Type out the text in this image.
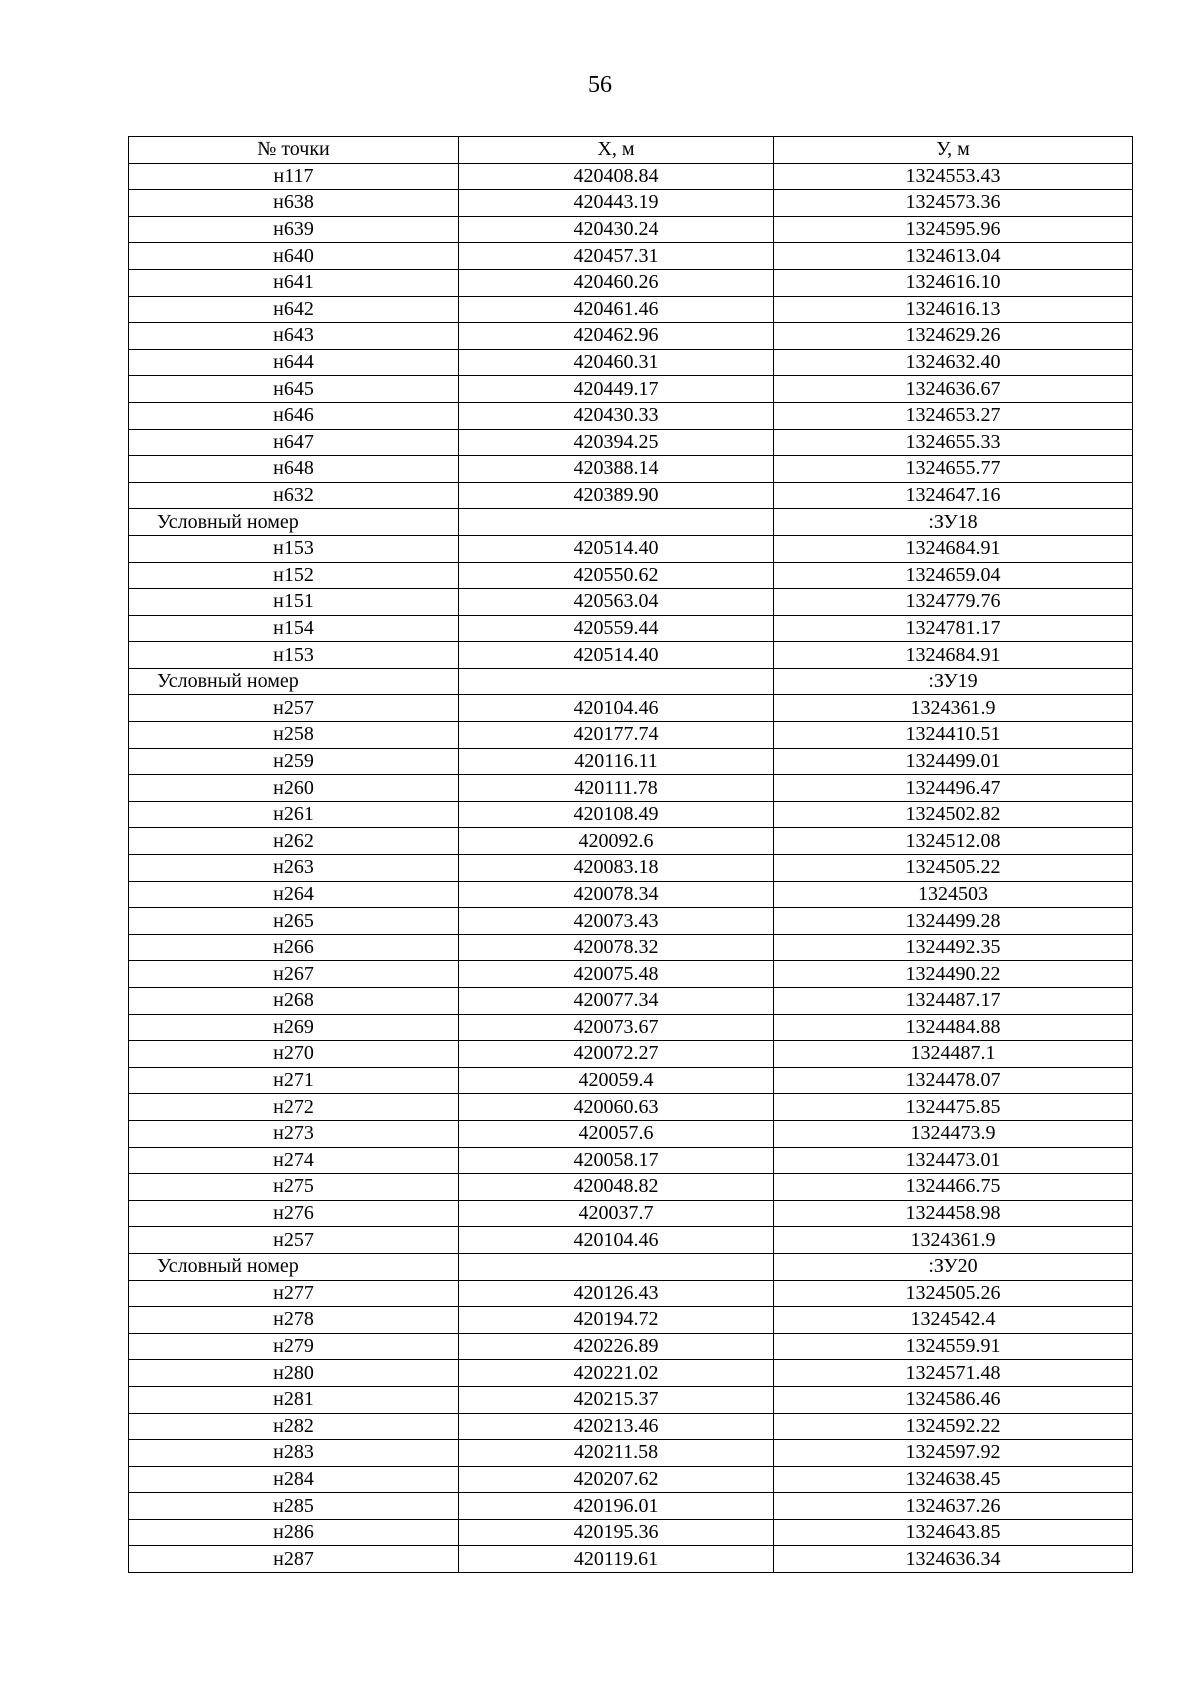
56
№ точки	Х, м	У, м
н117	420408.84	1324553.43
н638	420443.19	1324573.36
н639	420430.24	1324595.96
н640	420457.31	1324613.04
н641	420460.26	1324616.10
н642	420461.46	1324616.13
н643	420462.96	1324629.26
н644	420460.31	1324632.40
н645	420449.17	1324636.67
н646	420430.33	1324653.27
н647	420394.25	1324655.33
н648	420388.14	1324655.77
н632	420389.90	1324647.16
Условный номер		:ЗУ18
н153	420514.40	1324684.91
н152	420550.62	1324659.04
н151	420563.04	1324779.76
н154	420559.44	1324781.17
н153	420514.40	1324684.91
Условный номер		:ЗУ19
н257	420104.46	1324361.9
н258	420177.74	1324410.51
н259	420116.11	1324499.01
н260	420111.78	1324496.47
н261	420108.49	1324502.82
н262	420092.6	1324512.08
н263	420083.18	1324505.22
н264	420078.34	1324503
н265	420073.43	1324499.28
н266	420078.32	1324492.35
н267	420075.48	1324490.22
н268	420077.34	1324487.17
н269	420073.67	1324484.88
н270	420072.27	1324487.1
н271	420059.4	1324478.07
н272	420060.63	1324475.85
н273	420057.6	1324473.9
н274	420058.17	1324473.01
н275	420048.82	1324466.75
н276	420037.7	1324458.98
н257	420104.46	1324361.9
Условный номер		:ЗУ20
н277	420126.43	1324505.26
н278	420194.72	1324542.4
н279	420226.89	1324559.91
н280	420221.02	1324571.48
н281	420215.37	1324586.46
н282	420213.46	1324592.22
н283	420211.58	1324597.92
н284	420207.62	1324638.45
н285	420196.01	1324637.26
н286	420195.36	1324643.85
н287	420119.61	1324636.34
